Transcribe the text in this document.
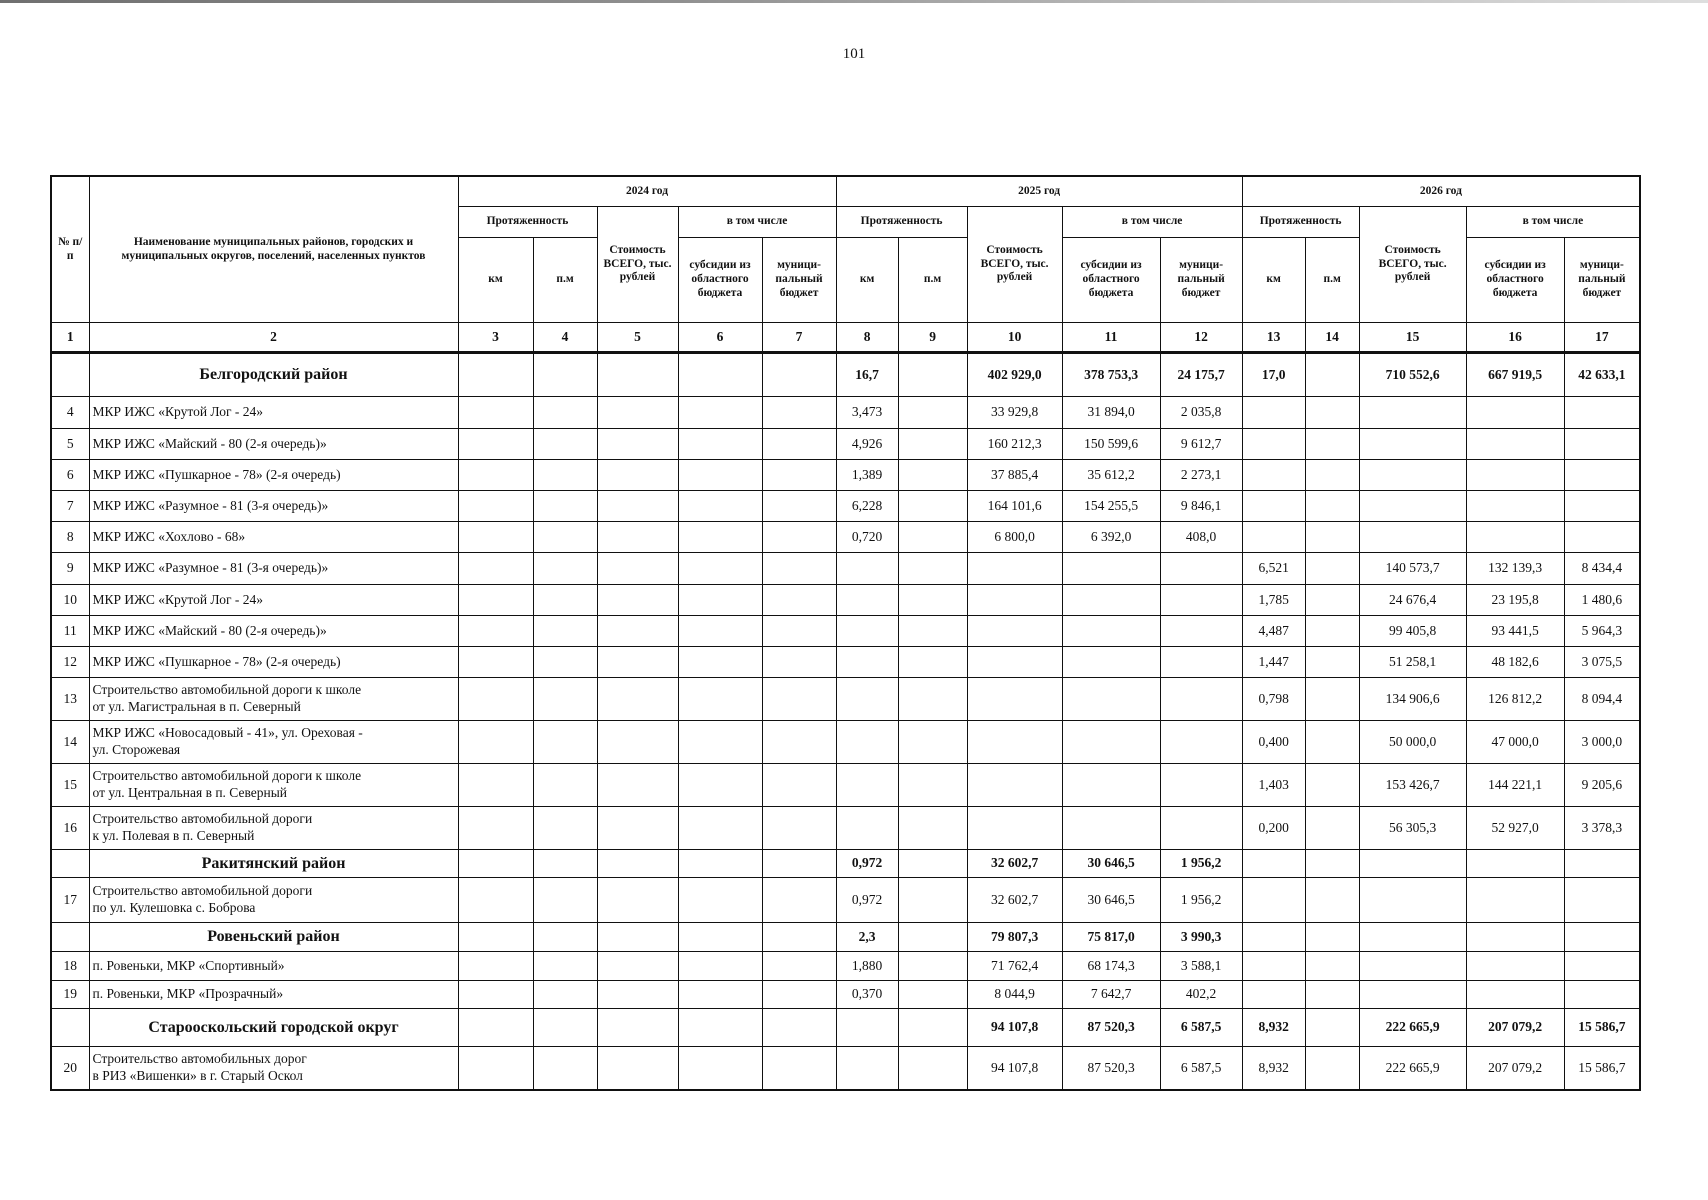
101
№ п/п	Наименование муниципальных районов, городских и муниципальных округов, поселений, населенных пунктов	2024 год					2025 год					2026 год				
		Протяженность		Стоимость ВСЕГО, тыс. рублей	в том числе		Протяженность		Стоимость ВСЕГО, тыс. рублей	в том числе		Протяженность		Стоимость ВСЕГО, тыс. рублей	в том числе	
		км	п.м		субсидии из областного бюджета	муници-пальный бюджет	км	п.м		субсидии из областного бюджета	муници-пальный бюджет	км	п.м		субсидии из областного бюджета	муници-пальный бюджет
1	2	3	4	5	6	7	8	9	10	11	12	13	14	15	16	17
	Белгородский район						16,7		402 929,0	378 753,3	24 175,7	17,0		710 552,6	667 919,5	42 633,1
4	МКР ИЖС «Крутой Лог - 24»						3,473		33 929,8	31 894,0	2 035,8					
5	МКР ИЖС «Майский - 80 (2-я очередь)»						4,926		160 212,3	150 599,6	9 612,7					
6	МКР ИЖС «Пушкарное - 78» (2-я очередь)						1,389		37 885,4	35 612,2	2 273,1					
7	МКР ИЖС «Разумное - 81 (3-я очередь)»						6,228		164 101,6	154 255,5	9 846,1					
8	МКР ИЖС «Хохлово - 68»						0,720		6 800,0	6 392,0	408,0					
9	МКР ИЖС «Разумное - 81 (3-я очередь)»											6,521		140 573,7	132 139,3	8 434,4
10	МКР ИЖС «Крутой Лог - 24»											1,785		24 676,4	23 195,8	1 480,6
11	МКР ИЖС «Майский - 80 (2-я очередь)»											4,487		99 405,8	93 441,5	5 964,3
12	МКР ИЖС «Пушкарное - 78» (2-я очередь)											1,447		51 258,1	48 182,6	3 075,5
13	Строительство автомобильной дороги к школе
от ул. Магистральная в п. Северный											0,798		134 906,6	126 812,2	8 094,4
14	МКР ИЖС «Новосадовый - 41», ул. Ореховая -
ул. Сторожевая											0,400		50 000,0	47 000,0	3 000,0
15	Строительство автомобильной дороги к школе
от ул. Центральная в п. Северный											1,403		153 426,7	144 221,1	9 205,6
16	Строительство автомобильной дороги
к ул. Полевая в п. Северный											0,200		56 305,3	52 927,0	3 378,3
	Ракитянский район						0,972		32 602,7	30 646,5	1 956,2					
17	Строительство автомобильной дороги
по ул. Кулешовка с. Боброва						0,972		32 602,7	30 646,5	1 956,2					
	Ровеньский район						2,3		79 807,3	75 817,0	3 990,3					
18	п. Ровеньки, МКР «Спортивный»						1,880		71 762,4	68 174,3	3 588,1					
19	п. Ровеньки, МКР «Прозрачный»						0,370		8 044,9	7 642,7	402,2					
	Старооскольский городской округ								94 107,8	87 520,3	6 587,5	8,932		222 665,9	207 079,2	15 586,7
20	Строительство автомобильных дорог
в РИЗ «Вишенки» в г. Старый Оскол								94 107,8	87 520,3	6 587,5	8,932		222 665,9	207 079,2	15 586,7
